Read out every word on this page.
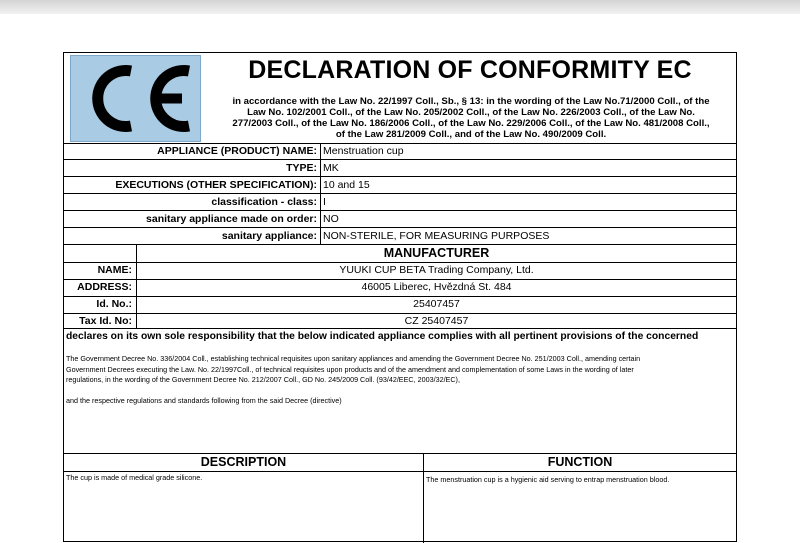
DECLARATION OF CONFORMITY EC
in accordance with the Law No. 22/1997 Coll., Sb., § 13: in the wording of the Law No.71/2000 Coll., of the
Law No. 102/2001 Coll., of the Law No. 205/2002 Coll., of the Law No. 226/2003 Coll., of the Law No.
277/2003 Coll., of the Law No. 186/2006 Coll., of the Law No. 229/2006 Coll., of the Law No. 481/2008 Coll.,
of the Law 281/2009 Coll., and of the Law No. 490/2009 Coll.
APPLIANCE (PRODUCT) NAME: Menstruation cup
TYPE: MK
EXECUTIONS (OTHER SPECIFICATION): 10 and 15
classification - class: I
sanitary appliance made on order: NO
sanitary appliance: NON-STERILE, FOR MEASURING PURPOSES
MANUFACTURER
NAME:	YUUKI CUP BETA Trading Company, Ltd.
ADDRESS:	46005 Liberec, Hvězdná St. 484
Id. No.:	25407457
Tax Id. No:	CZ 25407457
declares on its own sole responsibility that the below indicated appliance complies with all pertinent provisions of the concerned
The Government Decree No. 336/2004 Coll., establishing technical requisites upon sanitary appliances and amending the Government Decree No. 251/2003 Coll., amending certain
Government Decrees executing the Law. No. 22/1997Coll., of technical requisites upon products and of the amendment and complementation of some Laws in the wording of later
regulations, in the wording of the Government Decree No. 212/2007 Coll., GD No. 245/2009 Coll. (93/42/EEC, 2003/32/EC),
and the respective regulations and standards following from the said Decree (directive)
DESCRIPTION	FUNCTION
The cup is made of medical grade silicone.	The menstruation cup is a hygienic aid serving to entrap menstruation blood.
